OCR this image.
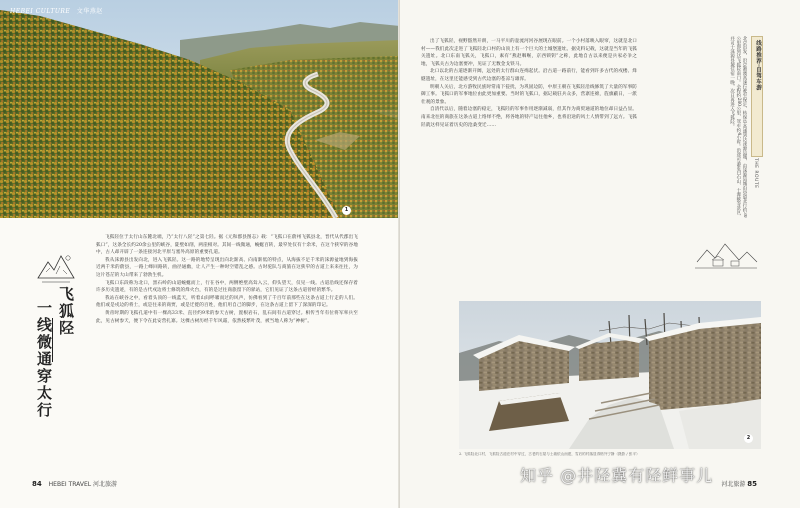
HEBEI CULTURE 文华燕赵
1
飞狐陉
一线微通穿太行

飞狐陉位于太行山东麓北端，乃“太行八陉”之第七陉。据《元和郡县图志》载：“飞狐口在蔚州飞狐县北，晋代从代郡出飞狐口”，这条全长约20余公里的峡谷，陡壁如削，两崖相对。其间一线微通，蜿蜒百转，最窄处仅有十余米，在这个狭窄的谷地中，古人却开辟了一条连接河北平原与塞外高原的重要孔道。

我从涞源县出发向北，进入飞狐陉。这一路的地势呈现出向北渐高、向南渐低的特点，从海拔不足千米的涞源盆地到海拔近两千米的蔚县，一路上峰回路转，曲径通幽，让人产生一种时空错乱之感。古时驼队与商旅在这狭窄的古道上来来往往，为这片苍茫的大山带来了勃勃生机。

飞狐口东段称为北口，黑石岭的山道蜿蜒而上，行在谷中，两侧绝壁高耸入云，仰头望天，仅见一线。古道沿线还保存着许多历史遗迹，有的是古代戍边将士修筑的烽火台，有的是过往商旅留下的驿站，它们见证了这条古道曾经的繁华。

我站在峡谷之中，看着头顶的一线蓝天，听着山间呼啸而过的风声，仿佛看到了千百年前那些在这条古道上行走的人们。他们或是戍边的将士，或是往来的商贾，或是迁徙的百姓，他们用自己的脚步，在这条古道上留下了深深的印记。

黄帝时期的飞狐孔道中有一棵高33米、直径约9米的参天古树，置根岩石，乱石间有古道穿过。相传当年有位将军率兵至此，见古树参天，便下令在此安营扎寨。这棵古树历经千年风霜，依然枝繁叶茂，被当地人称为“神树”。

84 HEBEI TRAVEL 河北旅游

出了飞狐陉，视野豁然开朗，一马平川的壶流河河谷展现在眼前。一个小村落映入眼帘，这就是北口村——我们此次走进了飞狐陉北口村的山顶上有一个巨大的土城堡遗址。据史料记载，这就是当年的飞狐关遗址。北口东南飞狐关，飞狐口，素有“燕赵咽喉，京西锁钥”之称，此地自古以来便是兵家必争之地，飞狐关古为边塞要冲，见证了无数金戈铁马。

北口以北的古道逐渐开阔，远处的太行群山连绵起伏。沿古道一路前行，能看到许多古代的戍楼、烽燧遗址，在这里还能感受到古代边塞的苍凉与雄浑。

明朝人关后，北方游牧民族时常南下侵扰，为巩固边防，中原王朝在飞狐陉沿线修筑了大量的军事防御工事。飞狐口的军事地位由此更加重要。当时的飞狐口，据记载驻兵众多，营寨连绵，旌旗蔽日，一派壮观的景象。

自清代以后，随着边塞的稳定，飞狐陉的军事作用逐渐减弱，但其作为商贸通道的地位却日益凸显。南来北往的商旅在这条古道上络绎不绝，将各地的特产运往他乡，也将沿途的风土人情带到了远方。飞狐陉就这样见证着历史的沧桑变迁……	北京出发，沿京港澳高速行驶至保定，转保阜高速到达涞源县城，由涞源县城沿县道北行约30公里即到达飞狐陉南口。全程约280公里，驾车约4小时。沿途可游览白石山、十瀑峡等景区，并可于涞源县城住宿一晚，次日再进入飞狐陉。	线路推荐·自驾车游
THE ROUTE
2
2. 飞狐陉北口村，飞狐陉古道在村中穿过，古老的石屋与土墙依山而建，雪后的村落显得格外宁静（摄影 / 张平）
河北旅游 85
知乎 @井陉冀有陉鲜事儿
